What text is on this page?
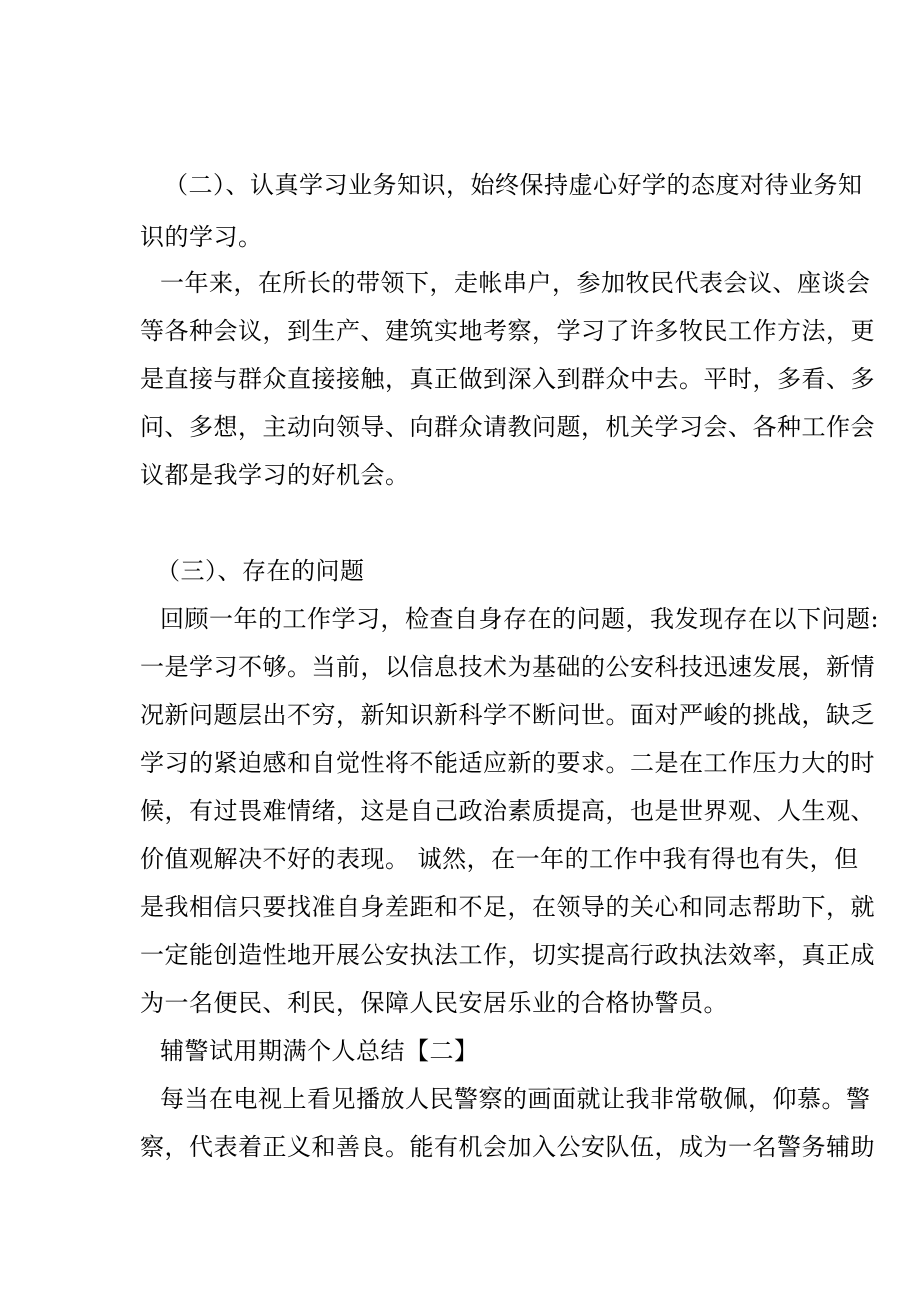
（二）、认真学习业务知识，始终保持虚心好学的态度对待业务知
识的学习。
一年来，在所长的带领下，走帐串户，参加牧民代表会议、座谈会
等各种会议，到生产、建筑实地考察，学习了许多牧民工作方法，更
是直接与群众直接接触，真正做到深入到群众中去。平时，多看、多
问、多想，主动向领导、向群众请教问题，机关学习会、各种工作会
议都是我学习的好机会。
（三）、存在的问题
回顾一年的工作学习，检查自身存在的问题，我发现存在以下问题:
一是学习不够。当前，以信息技术为基础的公安科技迅速发展，新情
况新问题层出不穷，新知识新科学不断问世。面对严峻的挑战，缺乏
学习的紧迫感和自觉性将不能适应新的要求。二是在工作压力大的时
候，有过畏难情绪，这是自己政治素质提高，也是世界观、人生观、
价值观解决不好的表现。 诚然，在一年的工作中我有得也有失，但
是我相信只要找准自身差距和不足，在领导的关心和同志帮助下，就
一定能创造性地开展公安执法工作，切实提高行政执法效率，真正成
为一名便民、利民，保障人民安居乐业的合格协警员。
辅警试用期满个人总结【二】
每当在电视上看见播放人民警察的画面就让我非常敬佩，仰慕。警
察，代表着正义和善良。能有机会加入公安队伍，成为一名警务辅助
